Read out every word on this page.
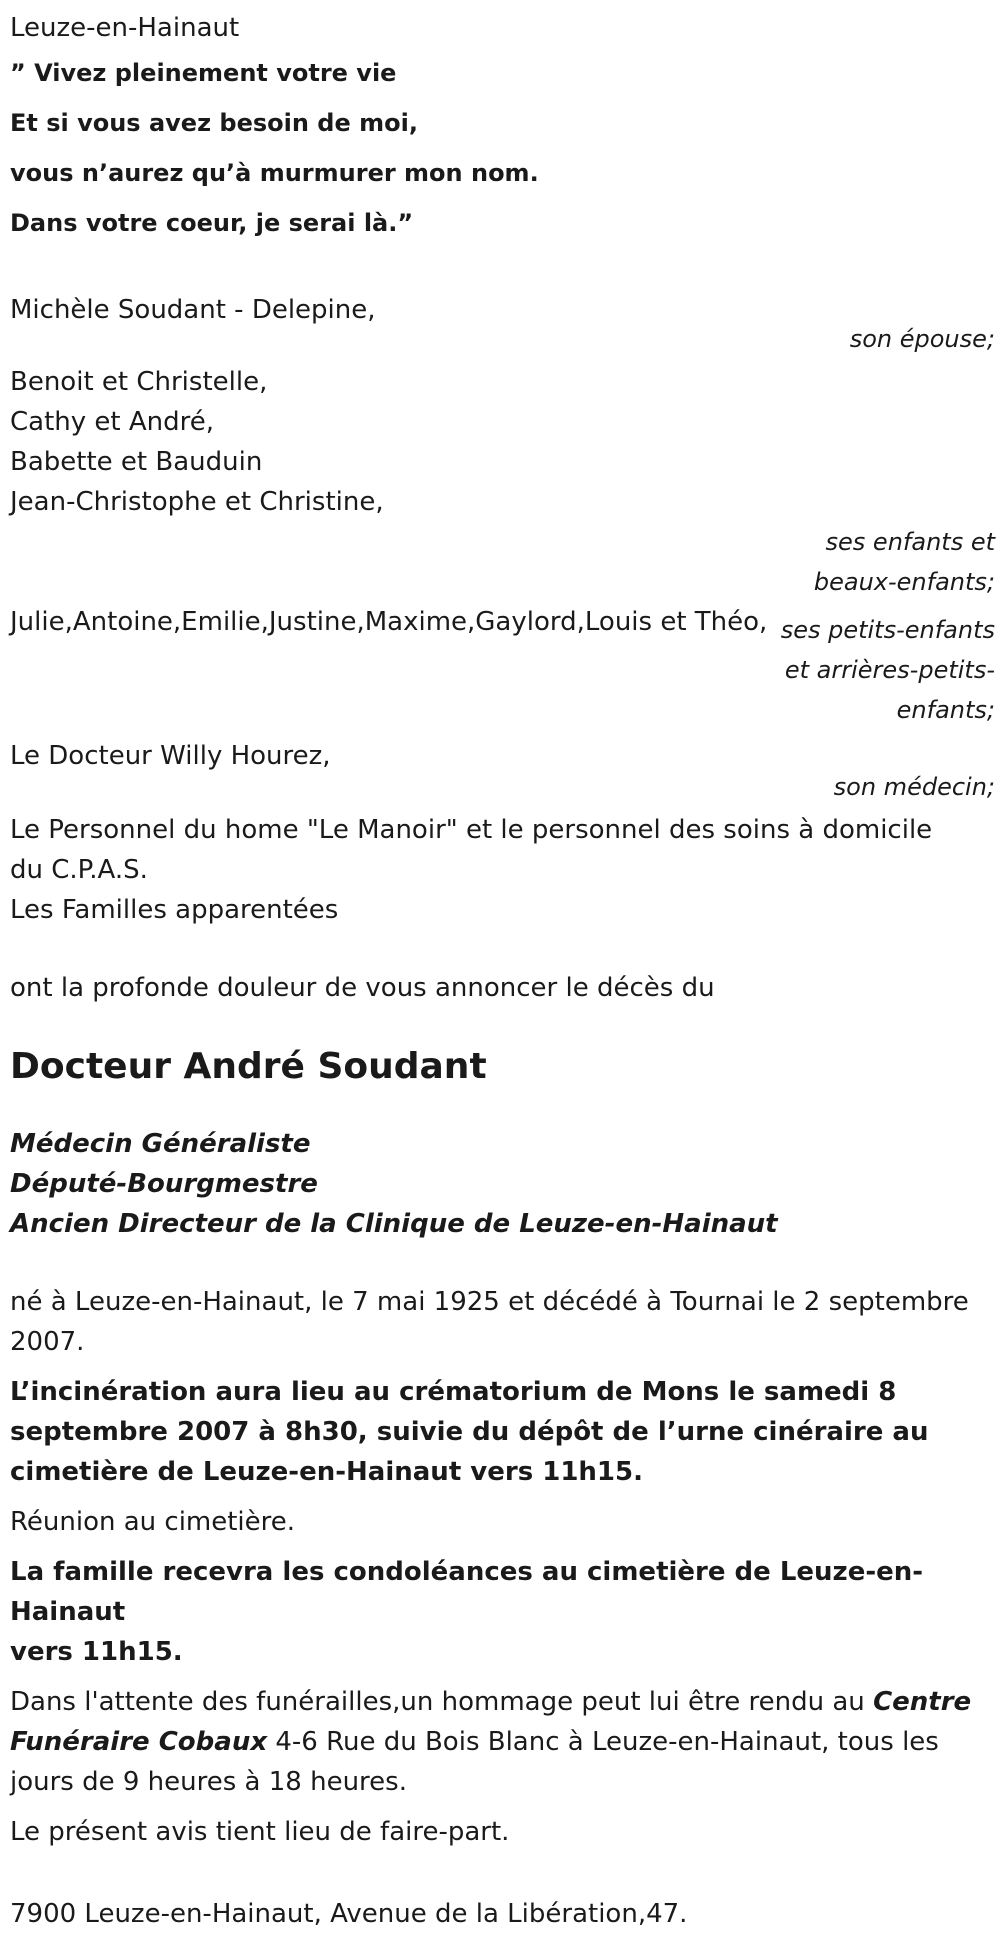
Leuze-en-Hainaut
” Vivez pleinement votre vie
Et si vous avez besoin de moi,
vous n’aurez qu’à murmurer mon nom.
Dans votre coeur, je serai là.”
Michèle Soudant - Delepine,
son épouse;
Benoit et Christelle,
Cathy et André,
Babette et Bauduin
Jean-Christophe et Christine,
ses enfants et
beaux-enfants;
Julie,Antoine,Emilie,Justine,Maxime,Gaylord,Louis et Théo, ses petits-enfants
et arrières-petits-
enfants;
Le Docteur Willy Hourez,
son médecin;
Le Personnel du home "Le Manoir" et le personnel des soins à domicile
du C.P.A.S.
Les Familles apparentées
ont la profonde douleur de vous annoncer le décès du
Docteur André Soudant
Médecin Généraliste
Député-Bourgmestre
Ancien Directeur de la Clinique de Leuze-en-Hainaut
né à Leuze-en-Hainaut, le 7 mai 1925 et décédé à Tournai le 2 septembre
2007.
L’incinération aura lieu au crématorium de Mons le samedi 8
septembre 2007 à 8h30, suivie du dépôt de l’urne cinéraire au
cimetière de Leuze-en-Hainaut vers 11h15.
Réunion au cimetière.
La famille recevra les condoléances au cimetière de Leuze-en-Hainaut
vers 11h15.
Dans l'attente des funérailles,un hommage peut lui être rendu au Centre
Funéraire Cobaux 4-6 Rue du Bois Blanc à Leuze-en-Hainaut, tous les
jours de 9 heures à 18 heures.
Le présent avis tient lieu de faire-part.
7900 Leuze-en-Hainaut, Avenue de la Libération,47.
